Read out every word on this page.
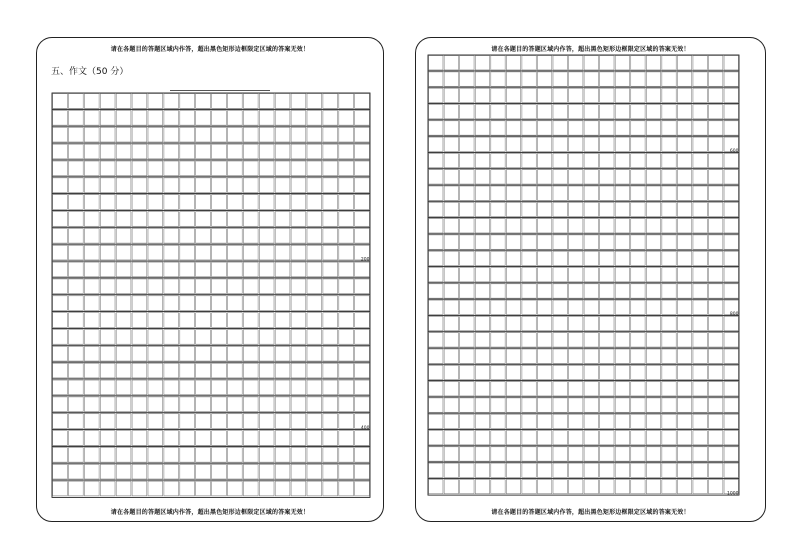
请在各题目的答题区域内作答，超出黑色矩形边框限定区域的答案无效！
五、作文（50 分）
200
400
请在各题目的答题区域内作答，超出黑色矩形边框限定区域的答案无效！
请在各题目的答题区域内作答，超出黑色矩形边框限定区域的答案无效！
600
800
1000
请在各题目的答题区域内作答，超出黑色矩形边框限定区域的答案无效！
